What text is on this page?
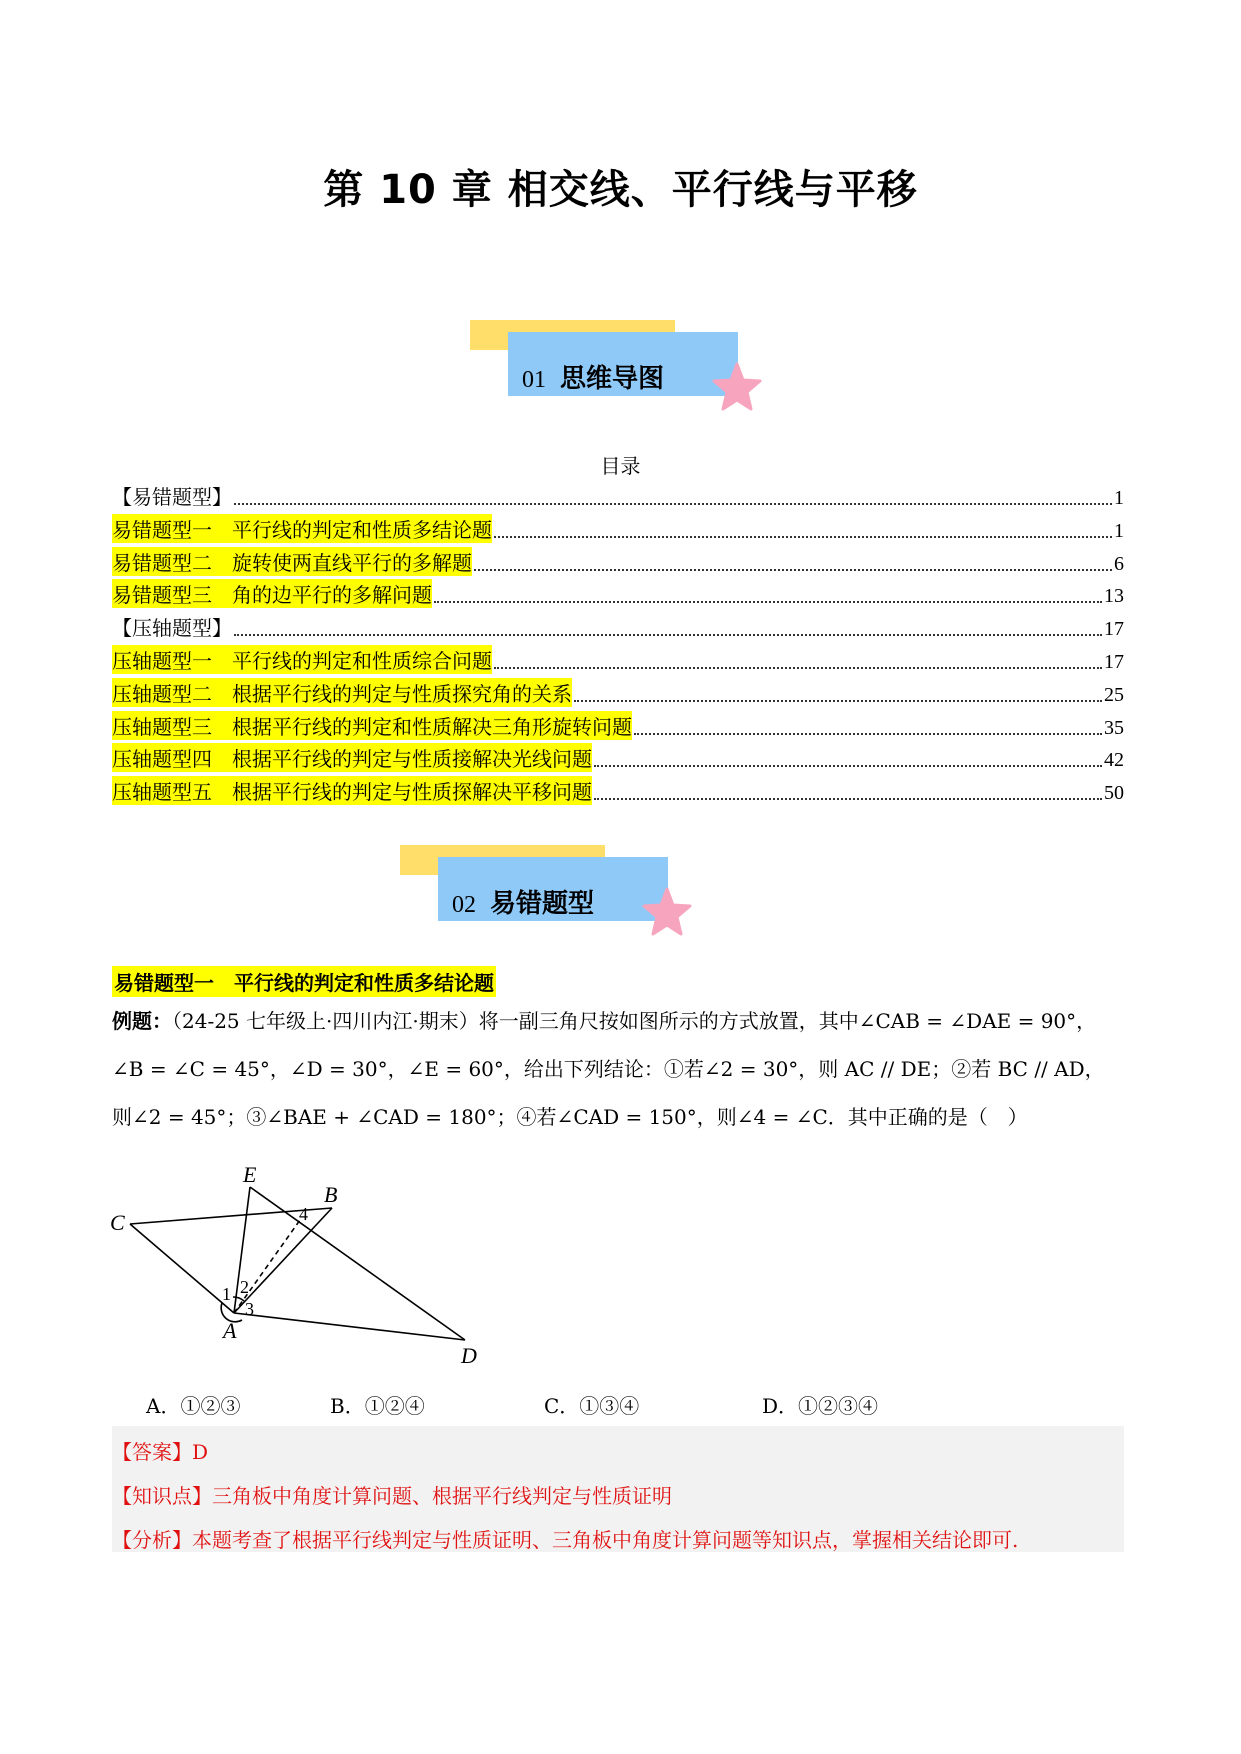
第 10 章 相交线、平行线与平移
01 思维导图
目录
【易错题型】	1
易错题型一　平行线的判定和性质多结论题	1
易错题型二　旋转使两直线平行的多解题	6
易错题型三　角的边平行的多解问题	13
【压轴题型】	17
压轴题型一　平行线的判定和性质综合问题	17
压轴题型二　根据平行线的判定与性质探究角的关系	25
压轴题型三　根据平行线的判定和性质解决三角形旋转问题	35
压轴题型四　根据平行线的判定与性质接解决光线问题	42
压轴题型五　根据平行线的判定与性质探解决平移问题	50
02 易错题型
易错题型一　平行线的判定和性质多结论题
例题：（24-25 七年级上·四川内江·期末）将一副三角尺按如图所示的方式放置，其中∠CAB = ∠DAE = 90°，
∠B = ∠C = 45°，∠D = 30°，∠E = 60°，给出下列结论：①若∠2 = 30°，则 AC // DE；②若 BC // AD，
则∠2 = 45°；③∠BAE + ∠CAD = 180°；④若∠CAD = 150°，则∠4 = ∠C．其中正确的是（　）
E
B
C
A
D
1 2
3
4
A．①②③	B．①②④	C．①③④	D．①②③④
【答案】D
【知识点】三角板中角度计算问题、根据平行线判定与性质证明
【分析】本题考查了根据平行线判定与性质证明、三角板中角度计算问题等知识点，掌握相关结论即可.
